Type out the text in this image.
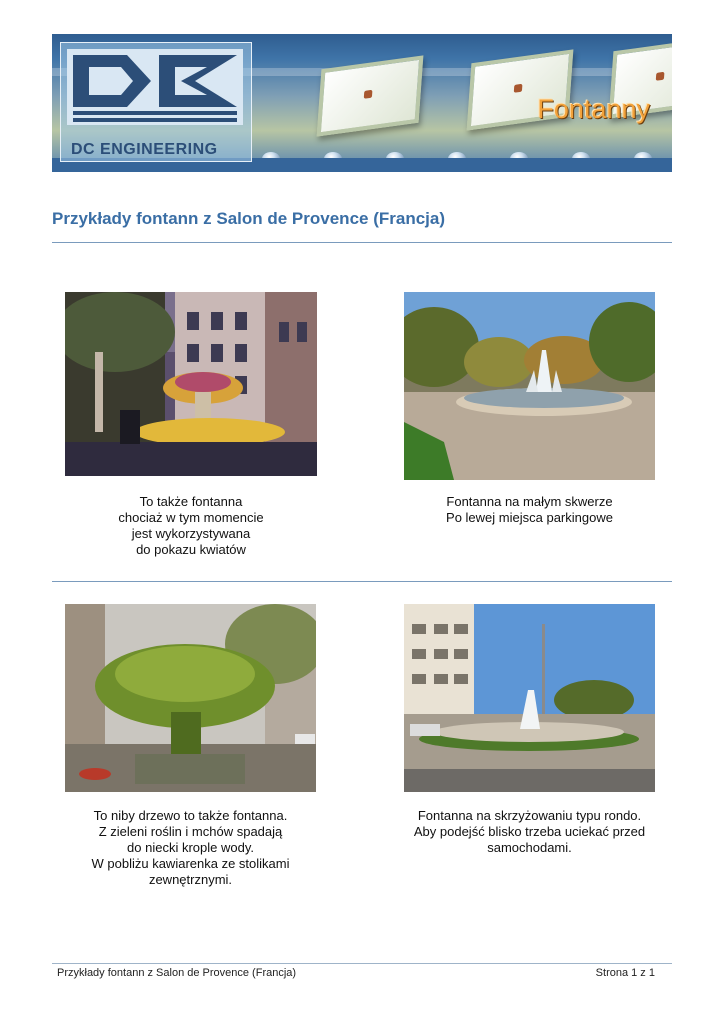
DC ENGINEERING
Fontanny
Przykłady fontann z Salon de Provence (Francja)
To także fontanna
chociaż w tym momencie
jest wykorzystywana
do pokazu kwiatów
Fontanna na małym skwerze
Po lewej miejsca parkingowe
To niby drzewo to także fontanna.
Z zieleni roślin i mchów spadają
do niecki krople wody.
W pobliżu kawiarenka ze stolikami
zewnętrznymi.
Fontanna na skrzyżowaniu typu rondo.
Aby podejść blisko trzeba uciekać przed
samochodami.
Przykłady fontann z Salon de Provence (Francja)	Strona 1 z 1
